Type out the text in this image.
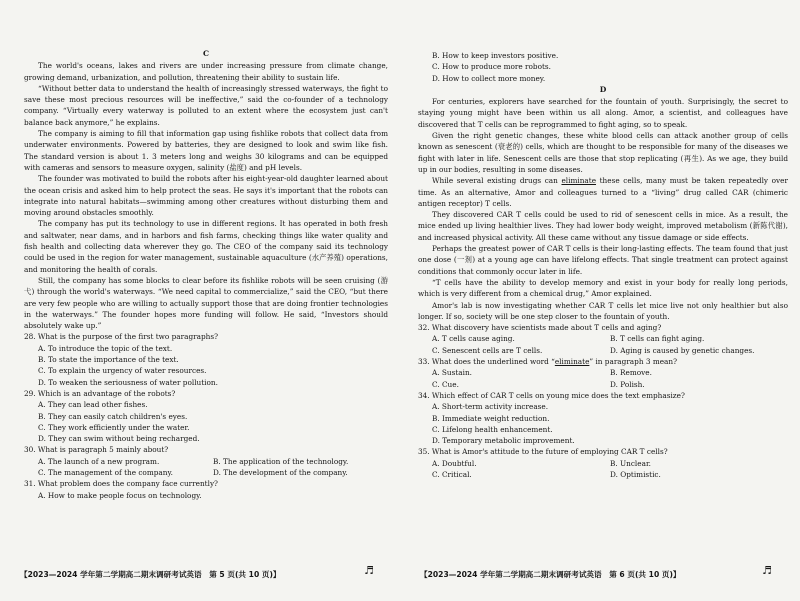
C

The world's oceans, lakes and rivers are under increasing pressure from climate change, growing demand, urbanization, and pollution, threatening their ability to sustain life.

“Without better data to understand the health of increasingly stressed waterways, the fight to save these most precious resources will be ineffective,” said the co-founder of a technology company. “Virtually every waterway is polluted to an extent where the ecosystem just can't balance back anymore,” he explains.

The company is aiming to fill that information gap using fishlike robots that collect data from underwater environments. Powered by batteries, they are designed to look and swim like fish. The standard version is about 1. 3 meters long and weighs 30 kilograms and can be equipped with cameras and sensors to measure oxygen, salinity (盐度) and pH levels.

The founder was motivated to build the robots after his eight-year-old daughter learned about the ocean crisis and asked him to help protect the seas. He says it's important that the robots can integrate into natural habitats—swimming among other creatures without disturbing them and moving around obstacles smoothly.

The company has put its technology to use in different regions. It has operated in both fresh and saltwater, near dams, and in harbors and fish farms, checking things like water quality and fish health and collecting data wherever they go. The CEO of the company said its technology could be used in the region for water management, sustainable aquaculture (水产养殖) operations, and monitoring the health of corals.

Still, the company has some blocks to clear before its fishlike robots will be seen cruising (游弋) through the world's waterways. “We need capital to commercialize,” said the CEO, “but there are very few people who are willing to actually support those that are doing frontier technologies in the waterways.” The founder hopes more funding will follow. He said, “Investors should absolutely wake up.”

28. What is the purpose of the first two paragraphs?
A. To introduce the topic of the text.
B. To state the importance of the text.
C. To explain the urgency of water resources.
D. To weaken the seriousness of water pollution.
29. Which is an advantage of the robots?
A. They can lead other fishes.
B. They can easily catch children's eyes.
C. They work efficiently under the water.
D. They can swim without being recharged.
30. What is paragraph 5 mainly about?
A. The launch of a new program.	B. The application of the technology.
C. The management of the company.	D. The development of the company.
31. What problem does the company face currently?
A. How to make people focus on technology.
B. How to keep investors positive.
C. How to produce more robots.
D. How to collect more money.
D

For centuries, explorers have searched for the fountain of youth. Surprisingly, the secret to staying young might have been within us all along. Amor, a scientist, and colleagues have discovered that T cells can be reprogrammed to fight aging, so to speak.

Given the right genetic changes, these white blood cells can attack another group of cells known as senescent (衰老的) cells, which are thought to be responsible for many of the diseases we fight with later in life. Senescent cells are those that stop replicating (再生). As we age, they build up in our bodies, resulting in some diseases.

While several existing drugs can eliminate these cells, many must be taken repeatedly over time. As an alternative, Amor and colleagues turned to a “living” drug called CAR (chimeric antigen receptor) T cells.

They discovered CAR T cells could be used to rid of senescent cells in mice. As a result, the mice ended up living healthier lives. They had lower body weight, improved metabolism (新陈代谢), and increased physical activity. All these came without any tissue damage or side effects.

Perhaps the greatest power of CAR T cells is their long-lasting effects. The team found that just one dose (一剂) at a young age can have lifelong effects. That single treatment can protect against conditions that commonly occur later in life.

“T cells have the ability to develop memory and exist in your body for really long periods, which is very different from a chemical drug,” Amor explained.

Amor's lab is now investigating whether CAR T cells let mice live not only healthier but also longer. If so, society will be one step closer to the fountain of youth.

32. What discovery have scientists made about T cells and aging?
A. T cells cause aging.	B. T cells can fight aging.
C. Senescent cells are T cells.	D. Aging is caused by genetic changes.
33. What does the underlined word “eliminate” in paragraph 3 mean?
A. Sustain.	B. Remove.
C. Cue.	D. Polish.
34. Which effect of CAR T cells on young mice does the text emphasize?
A. Short-term activity increase.
B. Immediate weight reduction.
C. Lifelong health enhancement.
D. Temporary metabolic improvement.
35. What is Amor's attitude to the future of employing CAR T cells?
A. Doubtful.	B. Unclear.
C. Critical.	D. Optimistic.
【2023—2024 学年第二学期高二期末调研考试英语　第 5 页(共 10 页)】	♬	【2023—2024 学年第二学期高二期末调研考试英语　第 6 页(共 10 页)】	♬
